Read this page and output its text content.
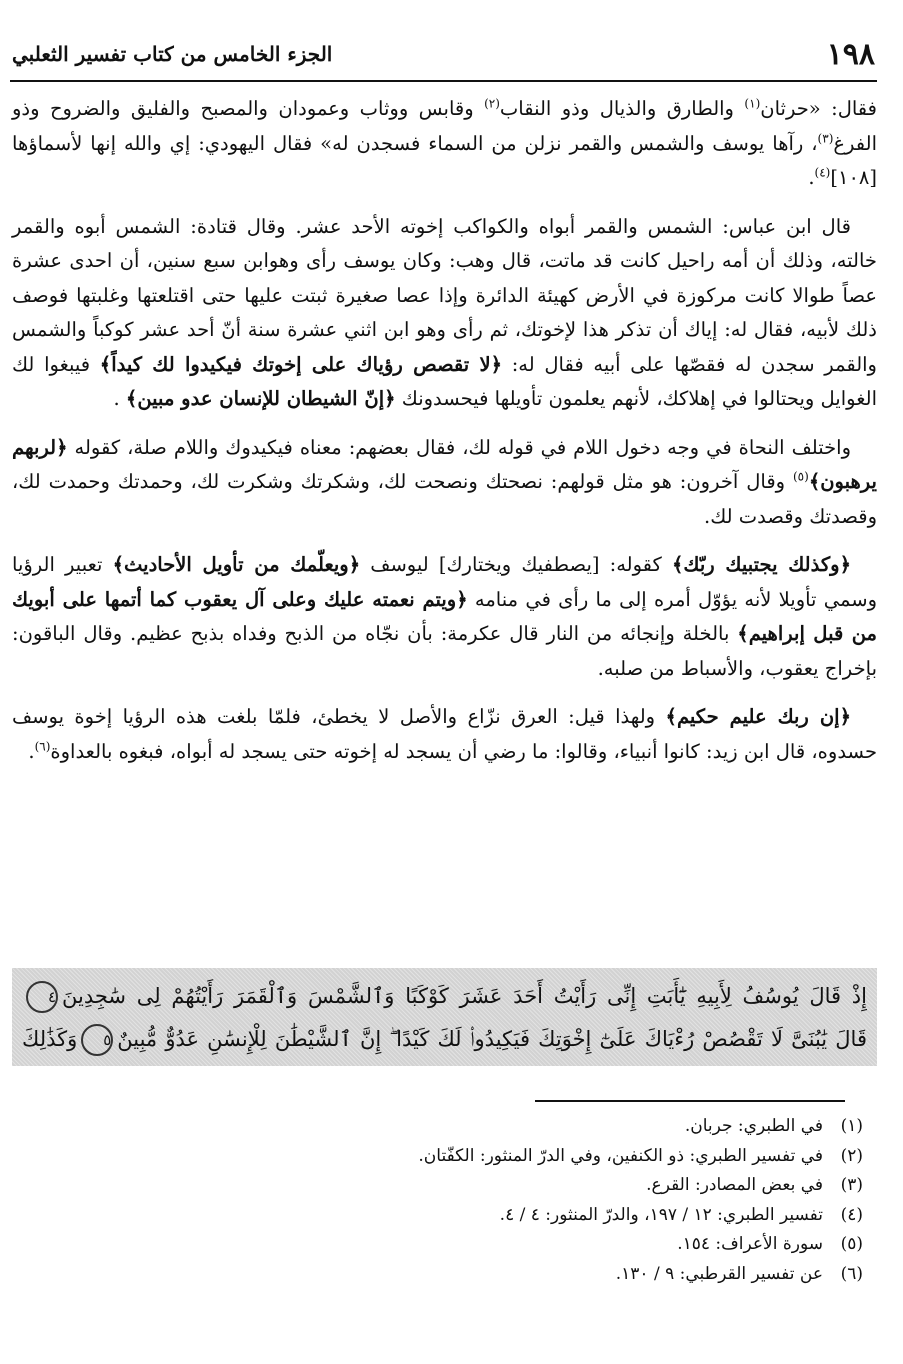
١٩٨
الجزء الخامس من كتاب تفسير الثعلبي

فقال: «حرثان$^{(١)}$ والطارق والذيال وذو النقاب$^{(٢)}$ وقابس ووثاب وعمودان والمصبح والفليق والضروح وذو الفرغ$^{(٣)}$، رآها يوسف والشمس والقمر نزلن من السماء فسجدن له» فقال اليهودي: إي والله إنها لأسماؤها [١٠٨]$^{(٤)}$.

قال ابن عباس: الشمس والقمر أبواه والكواكب إخوته الأحد عشر. وقال قتادة: الشمس أبوه والقمر خالته، وذلك أن أمه راحيل كانت قد ماتت، قال وهب: وكان يوسف رأى وهوابن سبع سنين، أن احدى عشرة عصاً طوالا كانت مركوزة في الأرض كهيئة الدائرة وإذا عصا صغيرة ثبتت عليها حتى اقتلعتها وغلبتها فوصف ذلك لأبيه، فقال له: إياك أن تذكر هذا لإخوتك، ثم رأى وهو ابن اثني عشرة سنة أنّ أحد عشر كوكباً والشمس والقمر سجدن له فقصّها على أبيه فقال له: ﴿لا تقصص رؤياك على إخوتك فيكيدوا لك كيداً﴾ فيبغوا لك الغوايل ويحتالوا في إهلاكك، لأنهم يعلمون تأويلها فيحسدونك ﴿إنّ الشيطان للإنسان عدو مبين﴾ .

واختلف النحاة في وجه دخول اللام في قوله لك، فقال بعضهم: معناه فيكيدوك واللام صلة، كقوله ﴿لربهم يرهبون﴾$^{(٥)}$ وقال آخرون: هو مثل قولهم: نصحتك ونصحت لك، وشكرتك وشكرت لك، وحمدتك وحمدت لك، وقصدتك وقصدت لك.

﴿وكذلك يجتبيك ربّك﴾ كقوله: [يصطفيك ويختارك] ليوسف ﴿ويعلّمك من تأويل الأحاديث﴾ تعبير الرؤيا وسمي تأويلا لأنه يؤوّل أمره إلى ما رأى في منامه ﴿ويتم نعمته عليك وعلى آل يعقوب كما أتمها على أبويك من قبل إبراهيم﴾ بالخلة وإنجائه من النار قال عكرمة: بأن نجّاه من الذبح وفداه بذبح عظيم. وقال الباقون: بإخراج يعقوب، والأسباط من صلبه.

﴿إن ربك عليم حكيم﴾ ولهذا قيل: العرق نزّاع والأصل لا يخطئ، فلمّا بلغت هذه الرؤيا إخوة يوسف حسدوه، قال ابن زيد: كانوا أنبياء، وقالوا: ما رضي أن يسجد له إخوته حتى يسجد له أبواه، فبغوه بالعداوة$^{(٦)}$.

إِذْ قَالَ يُوسُفُ لِأَبِيهِ يَٰٓأَبَتِ إِنِّى رَأَيْتُ أَحَدَ عَشَرَ كَوْكَبًا وَٱلشَّمْسَ وَٱلْقَمَرَ رَأَيْتُهُمْ لِى سَٰجِدِينَ٤
قَالَ يَٰبُنَىَّ لَا تَقْصُصْ رُءْيَاكَ عَلَىٰٓ إِخْوَتِكَ فَيَكِيدُوا۟ لَكَ كَيْدًا ۖ إِنَّ ٱلشَّيْطَٰنَ لِلْإِنسَٰنِ عَدُوٌّ مُّبِينٌ٥وَكَذَٰلِكَ
(١)في الطبري: جربان.
(٢)في تفسير الطبري: ذو الكنفين، وفي الدرّ المنثور: الكفّتان.
(٣)في بعض المصادر: القرع.
(٤)تفسير الطبري: ١٢ / ١٩٧، والدرّ المنثور: ٤ / ٤.
(٥)سورة الأعراف: ١٥٤.
(٦)عن تفسير القرطبي: ٩ / ١٣٠.
